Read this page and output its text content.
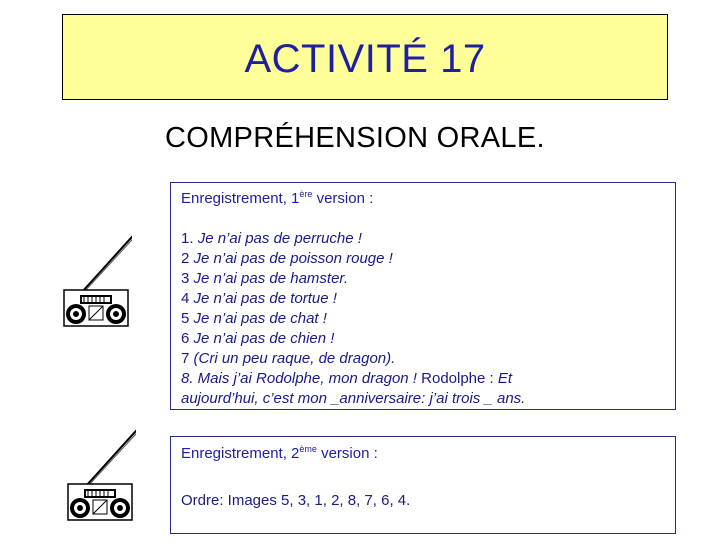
ACTIVITÉ 17
COMPRÉHENSION ORALE.
Enregistrement, 1ère version :
1. Je n’ai pas de perruche !
2 Je n’ai pas de poisson rouge !
3 Je n’ai pas de hamster.
4 Je n’ai pas de tortue !
5 Je n’ai pas de chat !
6 Je n’ai pas de chien !
7 (Cri un peu raque, de dragon).
8. Mais j’ai Rodolphe, mon dragon ! Rodolphe : Et
aujourd’hui, c’est mon _anniversaire: j’ai trois _ ans.
Enregistrement, 2ème version :
Ordre: Images 5, 3, 1, 2, 8, 7, 6, 4.
